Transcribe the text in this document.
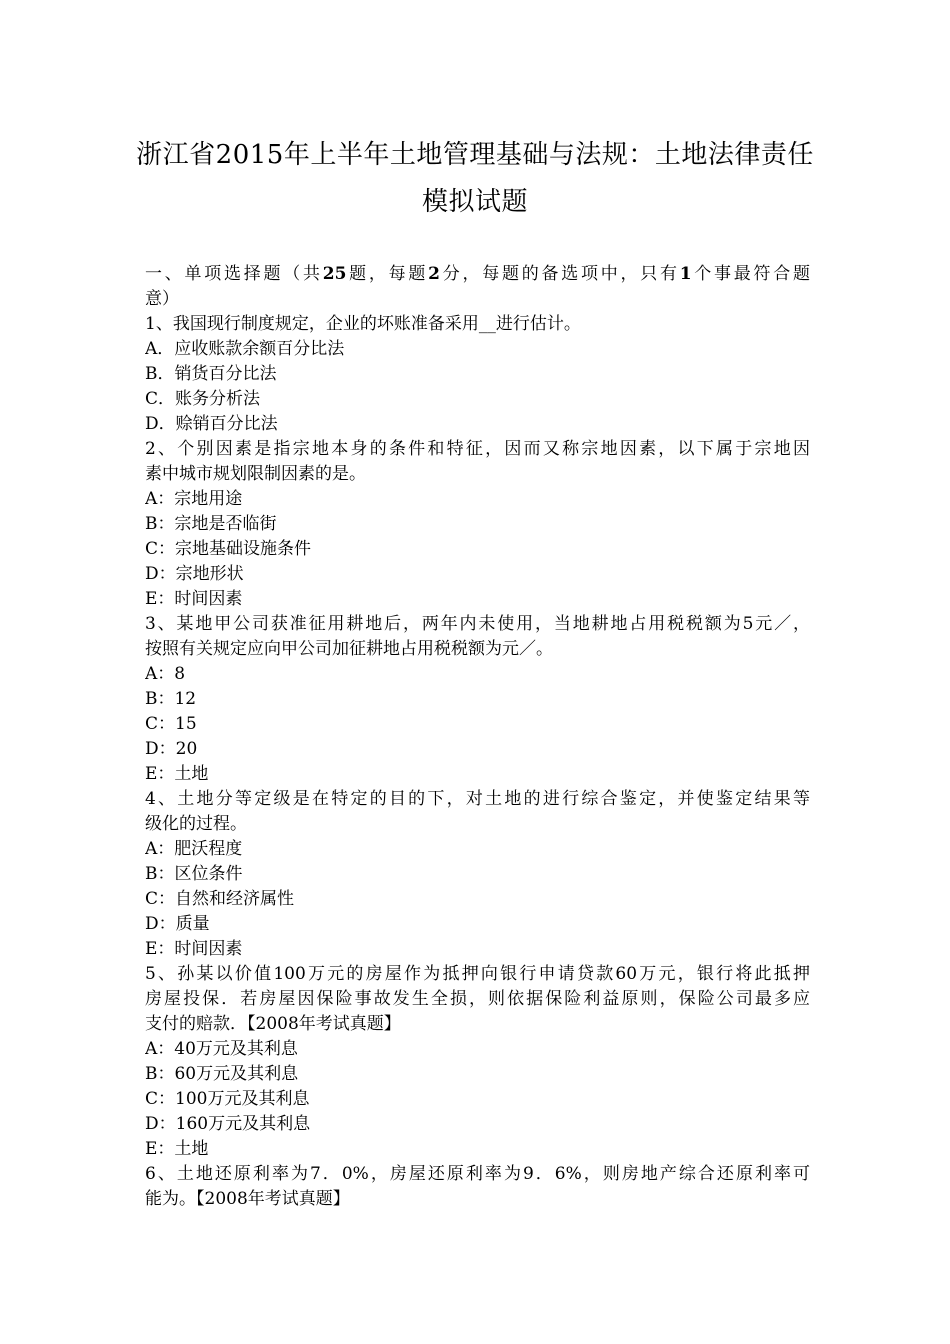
浙江省2015年上半年土地管理基础与法规：土地法律责任
模拟试题
一、单项选择题（共25题，每题2分，每题的备选项中，只有1个事最符合题
意）
1、我国现行制度规定，企业的坏账准备采用__进行估计。
A．应收账款余额百分比法
B．销货百分比法
C．账务分析法
D．赊销百分比法
2、个别因素是指宗地本身的条件和特征，因而又称宗地因素，以下属于宗地因
素中城市规划限制因素的是。
A：宗地用途
B：宗地是否临街
C：宗地基础设施条件
D：宗地形状
E：时间因素
3、某地甲公司获准征用耕地后，两年内未使用，当地耕地占用税税额为5元／，
按照有关规定应向甲公司加征耕地占用税税额为元／。
A：8
B：12
C：15
D：20
E：土地
4、土地分等定级是在特定的目的下，对土地的进行综合鉴定，并使鉴定结果等
级化的过程。
A：肥沃程度
B：区位条件
C：自然和经济属性
D：质量
E：时间因素
5、孙某以价值100万元的房屋作为抵押向银行申请贷款60万元，银行将此抵押
房屋投保．若房屋因保险事故发生全损，则依据保险利益原则，保险公司最多应
支付的赔款．【2008年考试真题】
A：40万元及其利息
B：60万元及其利息
C：100万元及其利息
D：160万元及其利息
E：土地
6、土地还原利率为7．0%，房屋还原利率为9．6%，则房地产综合还原利率可
能为。【2008年考试真题】
